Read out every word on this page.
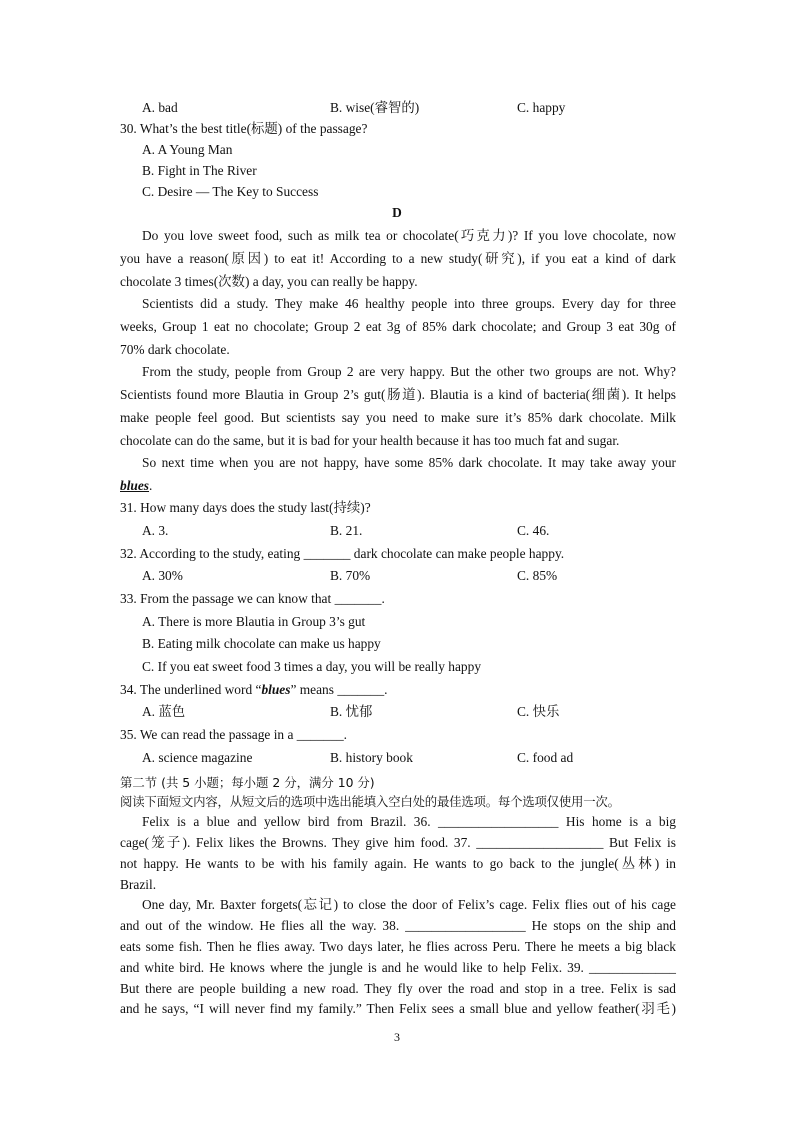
A. bad	B. wise(睿智的)	C. happy
30. What’s the best title(标题) of the passage?
A. A Young Man
B. Fight in The River
C. Desire — The Key to Success
D
Do you love sweet food, such as milk tea or chocolate(巧克力)? If you love chocolate, now
you have a reason(原因) to eat it! According to a new study(研究), if you eat a kind of dark
chocolate 3 times(次数) a day, you can really be happy.
Scientists did a study. They make 46 healthy people into three groups. Every day for three
weeks, Group 1 eat no chocolate; Group 2 eat 3g of 85% dark chocolate; and Group 3 eat 30g of
70% dark chocolate.
From the study, people from Group 2 are very happy. But the other two groups are not. Why?
Scientists found more Blautia in Group 2’s gut(肠道). Blautia is a kind of bacteria(细菌). It helps
make people feel good. But scientists say you need to make sure it’s 85% dark chocolate. Milk
chocolate can do the same, but it is bad for your health because it has too much fat and sugar.
So next time when you are not happy, have some 85% dark chocolate. It may take away your
blues.
31. How many days does the study last(持续)?
A. 3.	B. 21.	C. 46.
32. According to the study, eating _______ dark chocolate can make people happy.
A. 30%	B. 70%	C. 85%
33. From the passage we can know that _______.
A. There is more Blautia in Group 3’s gut
B. Eating milk chocolate can make us happy
C. If you eat sweet food 3 times a day, you will be really happy
34. The underlined word “blues” means _______.
A. 蓝色	B. 忧郁	C. 快乐
35. We can read the passage in a _______.
A. science magazine	B. history book	C. food ad
第二节 (共 5 小题；每小题 2 分，满分 10 分)
阅读下面短文内容，从短文后的选项中选出能填入空白处的最佳选项。每个选项仅使用一次。
Felix is a blue and yellow bird from Brazil. 36. __________________ His home is a big
cage(笼子). Felix likes the Browns. They give him food. 37. ___________________ But Felix is
not happy. He wants to be with his family again. He wants to go back to the jungle(丛林) in
Brazil.
One day, Mr. Baxter forgets(忘记) to close the door of Felix’s cage. Felix flies out of his cage
and out of the window. He flies all the way. 38. __________________ He stops on the ship and
eats some fish. Then he flies away. Two days later, he flies across Peru. There he meets a big black
and white bird. He knows where the jungle is and he would like to help Felix. 39. _____________
But there are people building a new road. They fly over the road and stop in a tree. Felix is sad
and he says, “I will never find my family.” Then Felix sees a small blue and yellow feather(羽毛)
3
